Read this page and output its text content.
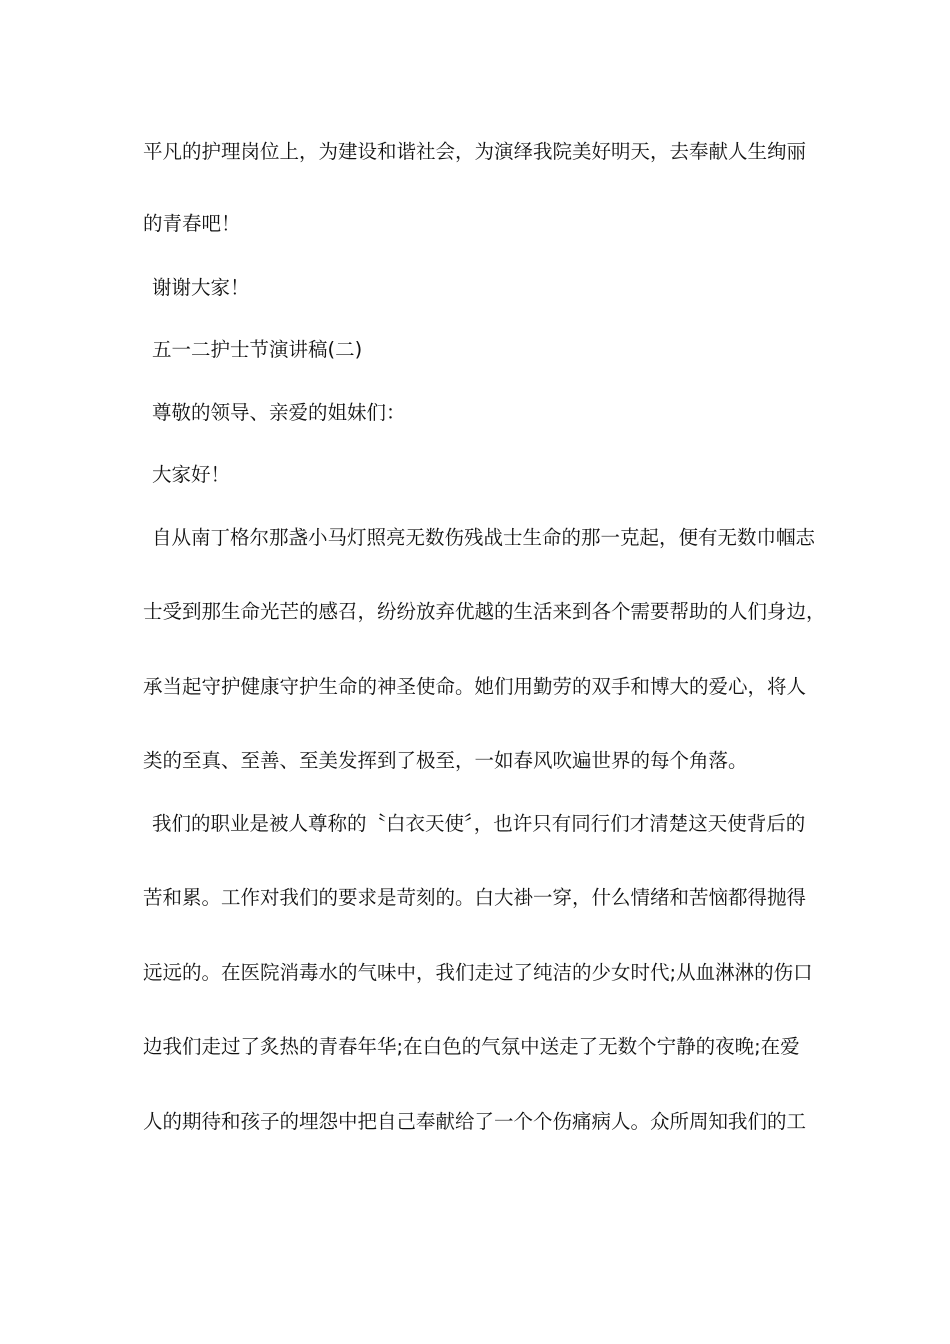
平凡的护理岗位上，为建设和谐社会，为演绎我院美好明天，去奉献人生绚丽
的青春吧！
谢谢大家！
五一二护士节演讲稿(二)
尊敬的领导、亲爱的姐妹们：
大家好！
自从南丁格尔那盏小马灯照亮无数伤残战士生命的那一克起，便有无数巾帼志
士受到那生命光芒的感召，纷纷放弃优越的生活来到各个需要帮助的人们身边，
承当起守护健康守护生命的神圣使命。她们用勤劳的双手和博大的爱心，将人
类的至真、至善、至美发挥到了极至，一如春风吹遍世界的每个角落。
我们的职业是被人尊称的〝白衣天使〞，也许只有同行们才清楚这天使背后的
苦和累。工作对我们的要求是苛刻的。白大褂一穿，什么情绪和苦恼都得抛得
远远的。在医院消毒水的气味中，我们走过了纯洁的少女时代;从血淋淋的伤口
边我们走过了炙热的青春年华;在白色的气氛中送走了无数个宁静的夜晚;在爱
人的期待和孩子的埋怨中把自己奉献给了一个个伤痛病人。众所周知我们的工
